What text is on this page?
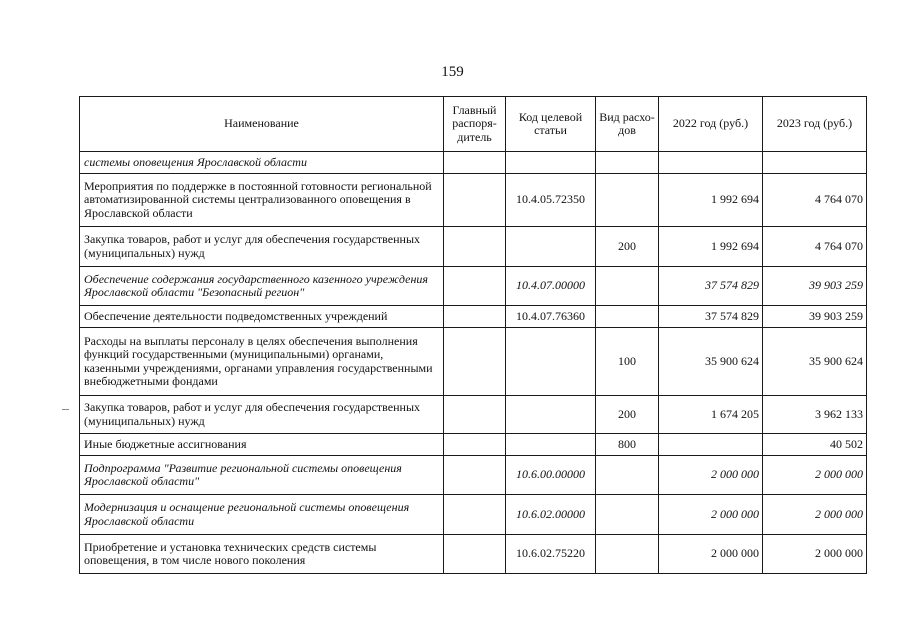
159
Наименование	Главный распоря-дитель	Код целевой статьи	Вид расхо-дов	2022 год (руб.)	2023 год (руб.)
системы оповещения Ярославской области					
Мероприятия по поддержке в постоянной готовности региональной автоматизированной системы централизованного оповещения в Ярославской области		10.4.05.72350		1 992 694	4 764 070
Закупка товаров, работ и услуг для обеспечения государственных (муниципальных) нужд			200	1 992 694	4 764 070
Обеспечение содержания государственного казенного учреждения Ярославской области "Безопасный регион"		10.4.07.00000		37 574 829	39 903 259
Обеспечение деятельности подведомственных учреждений		10.4.07.76360		37 574 829	39 903 259
Расходы на выплаты персоналу в целях обеспечения выполнения функций государственными (муниципальными) органами, казенными учреждениями, органами управления государственными внебюджетными фондами			100	35 900 624	35 900 624
Закупка товаров, работ и услуг для обеспечения государственных (муниципальных) нужд			200	1 674 205	3 962 133
Иные бюджетные ассигнования			800		40 502
Подпрограмма "Развитие региональной системы оповещения Ярославской области"		10.6.00.00000		2 000 000	2 000 000
Модернизация и оснащение региональной системы оповещения Ярославской области		10.6.02.00000		2 000 000	2 000 000
Приобретение и установка технических средств системы оповещения, в том числе нового поколения		10.6.02.75220		2 000 000	2 000 000
